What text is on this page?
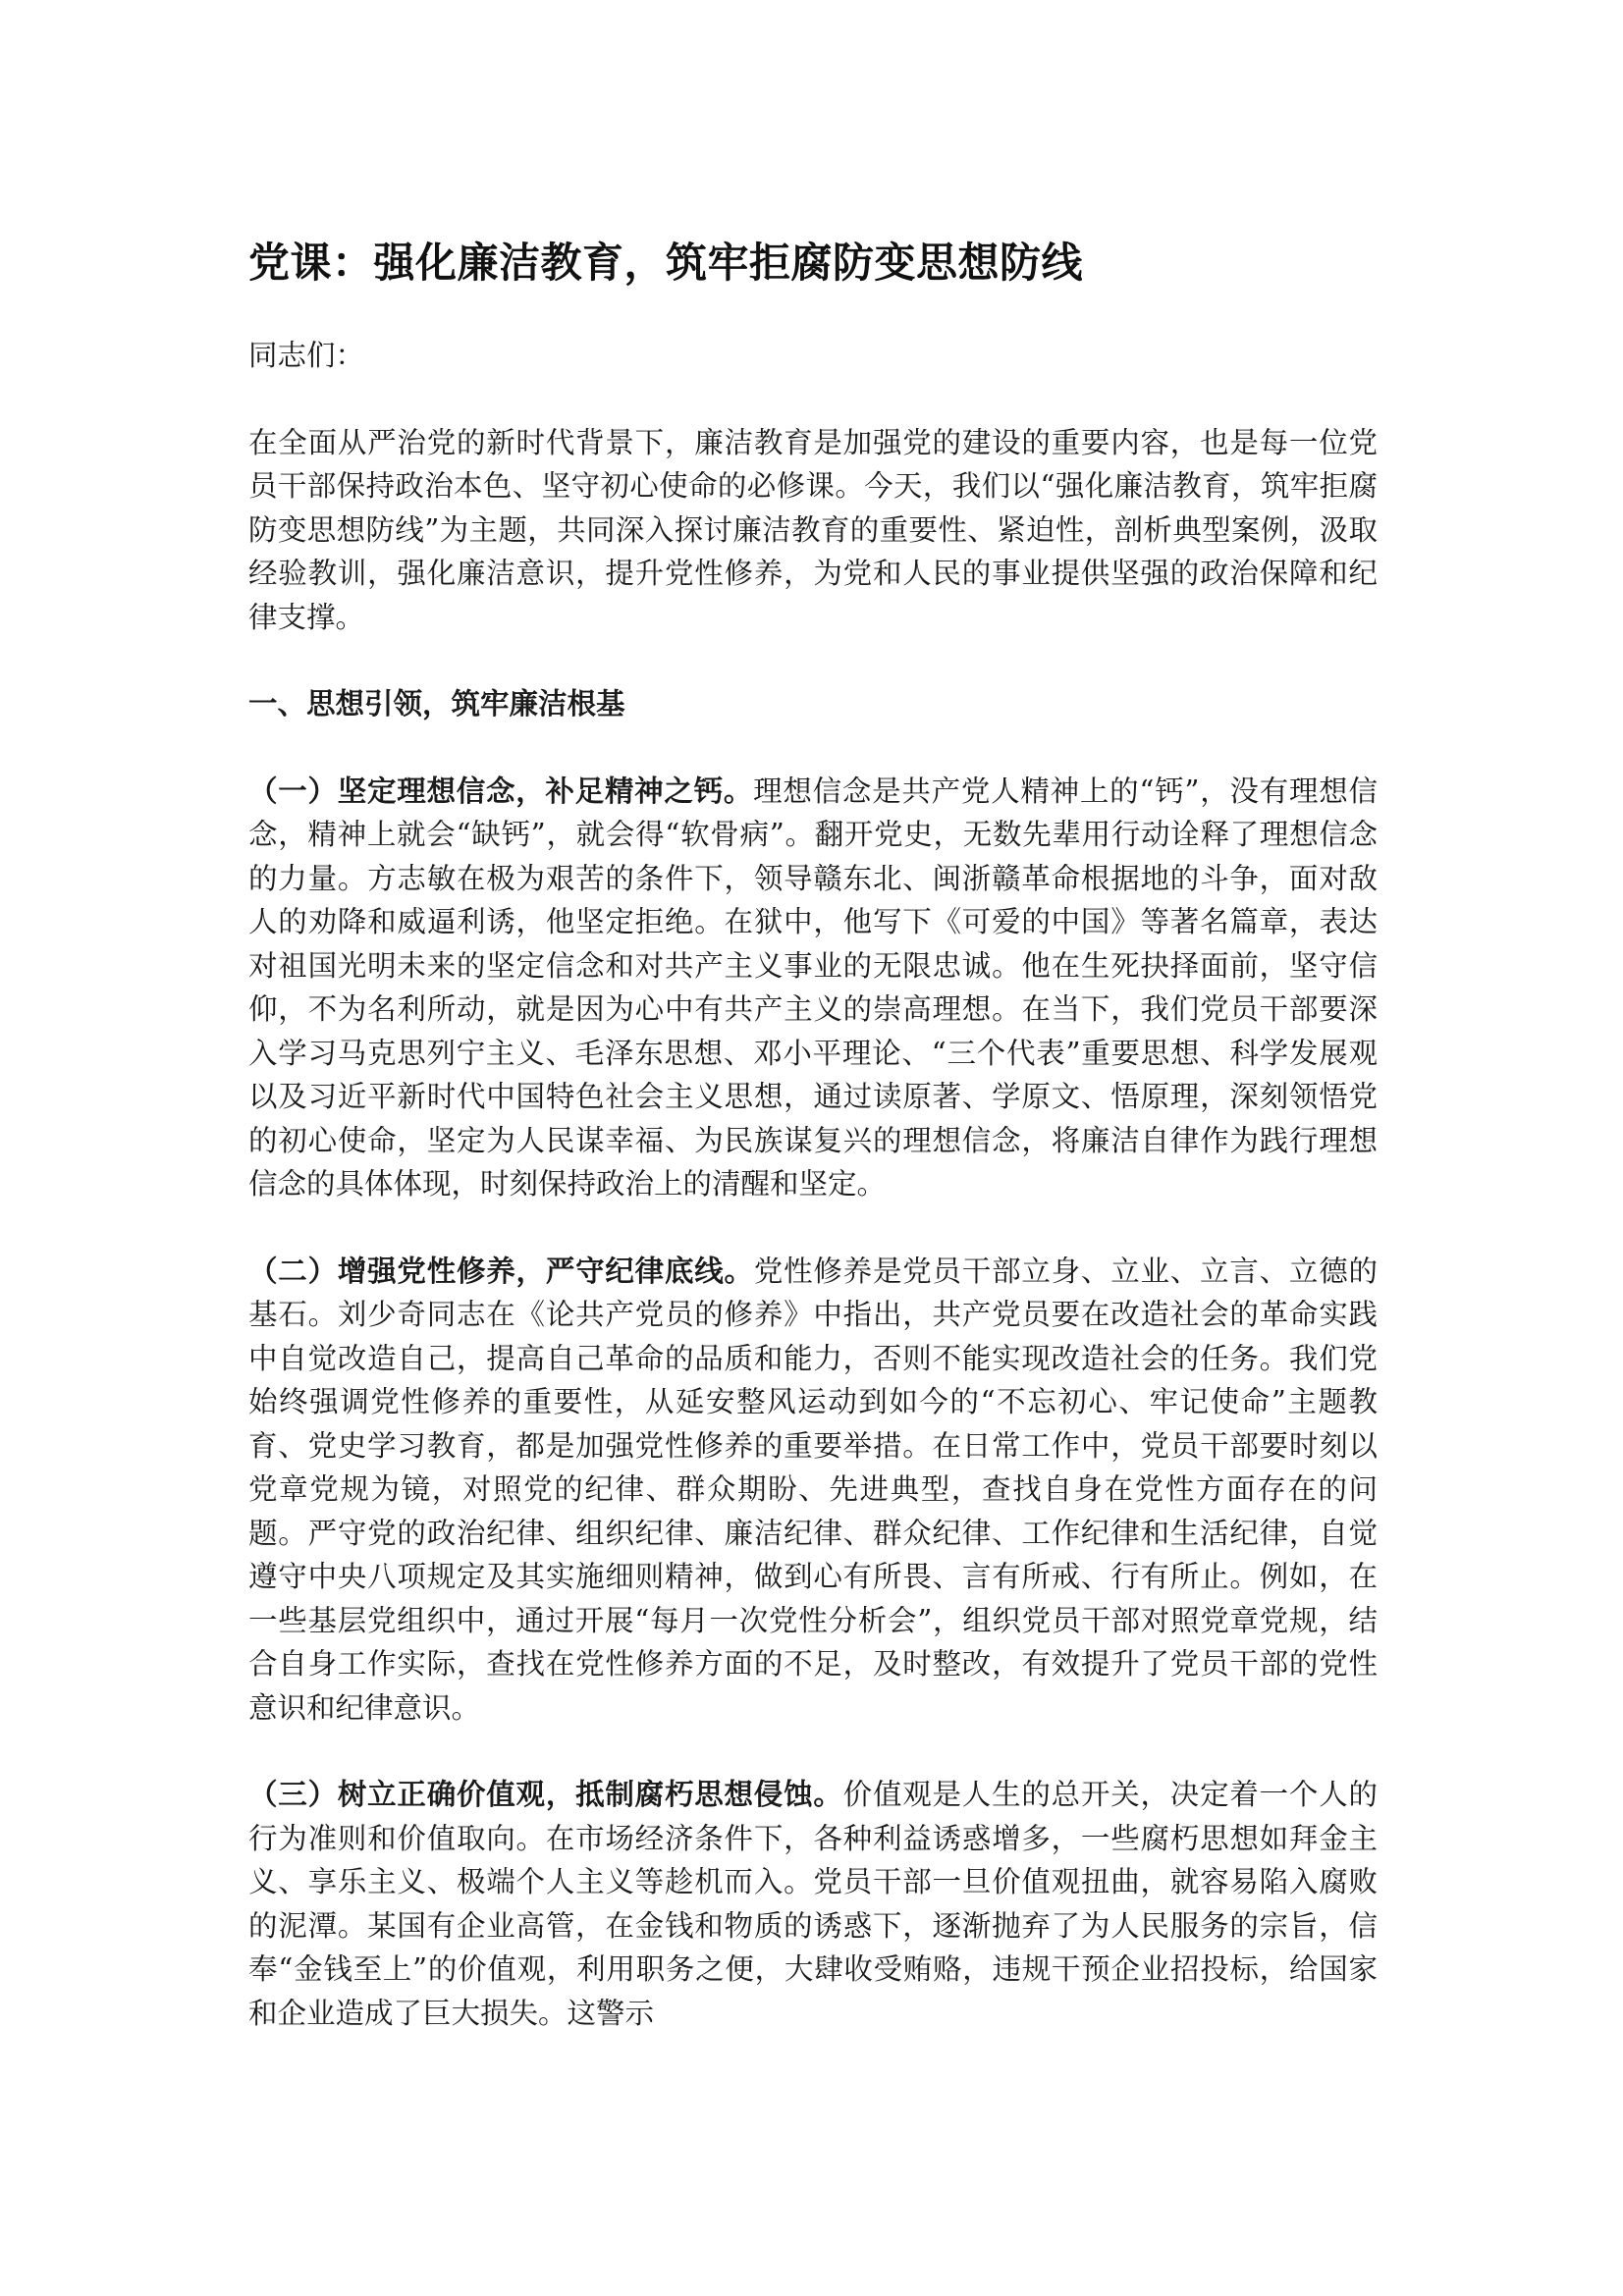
党课：强化廉洁教育，筑牢拒腐防变思想防线

同志们：

在全面从严治党的新时代背景下，廉洁教育是加强党的建设的重要内容，也是每一位党员干部保持政治本色、坚守初心使命的必修课。今天，我们以“强化廉洁教育，筑牢拒腐防变思想防线”为主题，共同深入探讨廉洁教育的重要性、紧迫性，剖析典型案例，汲取经验教训，强化廉洁意识，提升党性修养，为党和人民的事业提供坚强的政治保障和纪律支撑。

一、思想引领，筑牢廉洁根基

（一）坚定理想信念，补足精神之钙。理想信念是共产党人精神上的“钙”，没有理想信念，精神上就会“缺钙”，就会得“软骨病”。翻开党史，无数先辈用行动诠释了理想信念的力量。方志敏在极为艰苦的条件下，领导赣东北、闽浙赣革命根据地的斗争，面对敌人的劝降和威逼利诱，他坚定拒绝。在狱中，他写下《可爱的中国》等著名篇章，表达对祖国光明未来的坚定信念和对共产主义事业的无限忠诚。他在生死抉择面前，坚守信仰，不为名利所动，就是因为心中有共产主义的崇高理想。在当下，我们党员干部要深入学习马克思列宁主义、毛泽东思想、邓小平理论、“三个代表”重要思想、科学发展观以及习近平新时代中国特色社会主义思想，通过读原著、学原文、悟原理，深刻领悟党的初心使命，坚定为人民谋幸福、为民族谋复兴的理想信念，将廉洁自律作为践行理想信念的具体体现，时刻保持政治上的清醒和坚定。

（二）增强党性修养，严守纪律底线。党性修养是党员干部立身、立业、立言、立德的基石。刘少奇同志在《论共产党员的修养》中指出，共产党员要在改造社会的革命实践中自觉改造自己，提高自己革命的品质和能力，否则不能实现改造社会的任务。我们党始终强调党性修养的重要性，从延安整风运动到如今的“不忘初心、牢记使命”主题教育、党史学习教育，都是加强党性修养的重要举措。在日常工作中，党员干部要时刻以党章党规为镜，对照党的纪律、群众期盼、先进典型，查找自身在党性方面存在的问题。严守党的政治纪律、组织纪律、廉洁纪律、群众纪律、工作纪律和生活纪律，自觉遵守中央八项规定及其实施细则精神，做到心有所畏、言有所戒、行有所止。例如，在一些基层党组织中，通过开展“每月一次党性分析会”，组织党员干部对照党章党规，结合自身工作实际，查找在党性修养方面的不足，及时整改，有效提升了党员干部的党性意识和纪律意识。

（三）树立正确价值观，抵制腐朽思想侵蚀。价值观是人生的总开关，决定着一个人的行为准则和价值取向。在市场经济条件下，各种利益诱惑增多，一些腐朽思想如拜金主义、享乐主义、极端个人主义等趁机而入。党员干部一旦价值观扭曲，就容易陷入腐败的泥潭。某国有企业高管，在金钱和物质的诱惑下，逐渐抛弃了为人民服务的宗旨，信奉“金钱至上”的价值观，利用职务之便，大肆收受贿赂，违规干预企业招投标，给国家和企业造成了巨大损失。这警示
